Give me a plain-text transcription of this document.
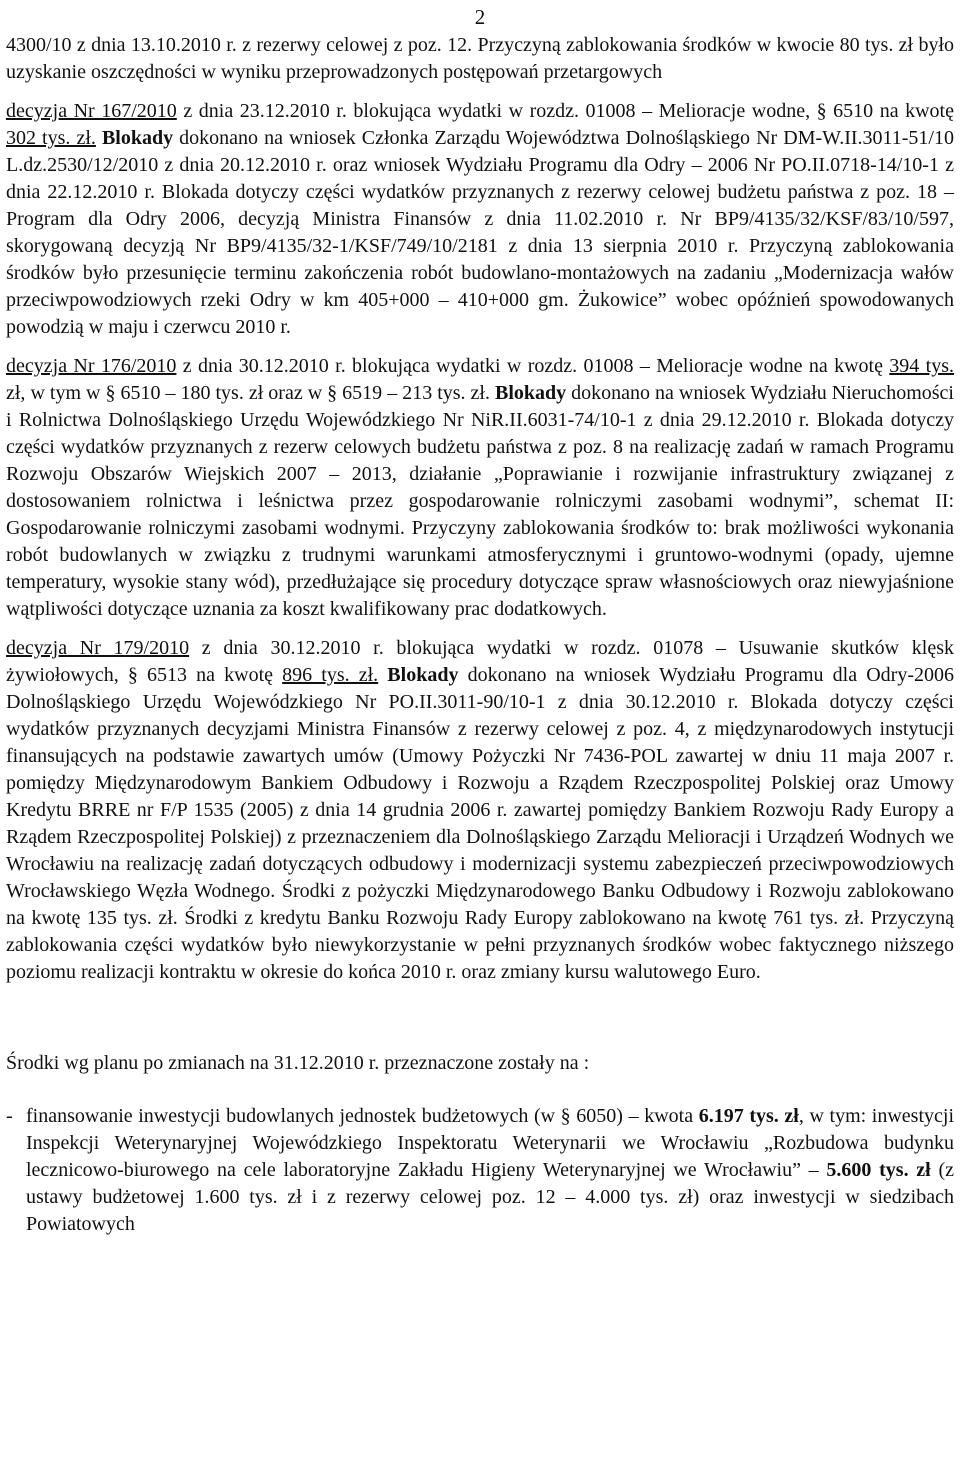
2

4300/10 z dnia 13.10.2010 r. z rezerwy celowej z poz. 12. Przyczyną zablokowania środków w kwocie 80 tys. zł było uzyskanie oszczędności w wyniku przeprowadzonych postępowań przetargowych

decyzja Nr 167/2010 z dnia 23.12.2010 r. blokująca wydatki w rozdz. 01008 – Melioracje wodne, § 6510 na kwotę 302 tys. zł. Blokady dokonano na wniosek Członka Zarządu Województwa Dolnośląskiego Nr DM-W.II.3011-51/10 L.dz.2530/12/2010 z dnia 20.12.2010 r. oraz wniosek Wydziału Programu dla Odry – 2006 Nr PO.II.0718-14/10-1 z dnia 22.12.2010 r. Blokada dotyczy części wydatków przyznanych z rezerwy celowej budżetu państwa z poz. 18 – Program dla Odry 2006, decyzją Ministra Finansów z dnia 11.02.2010 r. Nr BP9/4135/32/KSF/83/10/597, skorygowaną decyzją Nr BP9/4135/32-1/KSF/749/10/2181 z dnia 13 sierpnia 2010 r. Przyczyną zablokowania środków było przesunięcie terminu zakończenia robót budowlano-montażowych na zadaniu „Modernizacja wałów przeciwpowodziowych rzeki Odry w km 405+000 – 410+000 gm. Żukowice” wobec opóźnień spowodowanych powodzią w maju i czerwcu 2010 r.

decyzja Nr 176/2010 z dnia 30.12.2010 r. blokująca wydatki w rozdz. 01008 – Melioracje wodne na kwotę 394 tys. zł, w tym w § 6510 – 180 tys. zł oraz w § 6519 – 213 tys. zł. Blokady dokonano na wniosek Wydziału Nieruchomości i Rolnictwa Dolnośląskiego Urzędu Wojewódzkiego Nr NiR.II.6031-74/10-1 z dnia 29.12.2010 r. Blokada dotyczy części wydatków przyznanych z rezerw celowych budżetu państwa z poz. 8 na realizację zadań w ramach Programu Rozwoju Obszarów Wiejskich 2007 – 2013, działanie „Poprawianie i rozwijanie infrastruktury związanej z dostosowaniem rolnictwa i leśnictwa przez gospodarowanie rolniczymi zasobami wodnymi”, schemat II: Gospodarowanie rolniczymi zasobami wodnymi. Przyczyny zablokowania środków to: brak możliwości wykonania robót budowlanych w związku z trudnymi warunkami atmosferycznymi i gruntowo-wodnymi (opady, ujemne temperatury, wysokie stany wód), przedłużające się procedury dotyczące spraw własnościowych oraz niewyjaśnione wątpliwości dotyczące uznania za koszt kwalifikowany prac dodatkowych.

decyzja Nr 179/2010 z dnia 30.12.2010 r. blokująca wydatki w rozdz. 01078 – Usuwanie skutków klęsk żywiołowych, § 6513 na kwotę 896 tys. zł. Blokady dokonano na wniosek Wydziału Programu dla Odry-2006 Dolnośląskiego Urzędu Wojewódzkiego Nr PO.II.3011-90/10-1 z dnia 30.12.2010 r. Blokada dotyczy części wydatków przyznanych decyzjami Ministra Finansów z rezerwy celowej z poz. 4, z międzynarodowych instytucji finansujących na podstawie zawartych umów (Umowy Pożyczki Nr 7436-POL zawartej w dniu 11 maja 2007 r. pomiędzy Międzynarodowym Bankiem Odbudowy i Rozwoju a Rządem Rzeczpospolitej Polskiej oraz Umowy Kredytu BRRE nr F/P 1535 (2005) z dnia 14 grudnia 2006 r. zawartej pomiędzy Bankiem Rozwoju Rady Europy a Rządem Rzeczpospolitej Polskiej) z przeznaczeniem dla Dolnośląskiego Zarządu Melioracji i Urządzeń Wodnych we Wrocławiu na realizację zadań dotyczących odbudowy i modernizacji systemu zabezpieczeń przeciwpowodziowych Wrocławskiego Węzła Wodnego. Środki z pożyczki Międzynarodowego Banku Odbudowy i Rozwoju zablokowano na kwotę 135 tys. zł. Środki z kredytu Banku Rozwoju Rady Europy zablokowano na kwotę 761 tys. zł. Przyczyną zablokowania części wydatków było niewykorzystanie w pełni przyznanych środków wobec faktycznego niższego poziomu realizacji kontraktu w okresie do końca 2010 r. oraz zmiany kursu walutowego Euro.

Środki wg planu po zmianach na 31.12.2010 r. przeznaczone zostały na :

- finansowanie inwestycji budowlanych jednostek budżetowych (w § 6050) – kwota 6.197 tys. zł, w tym: inwestycji Inspekcji Weterynaryjnej Wojewódzkiego Inspektoratu Weterynarii we Wrocławiu „Rozbudowa budynku lecznicowo-biurowego na cele laboratoryjne Zakładu Higieny Weterynaryjnej we Wrocławiu” – 5.600 tys. zł (z ustawy budżetowej 1.600 tys. zł i z rezerwy celowej poz. 12 – 4.000 tys. zł) oraz inwestycji w siedzibach Powiatowych
